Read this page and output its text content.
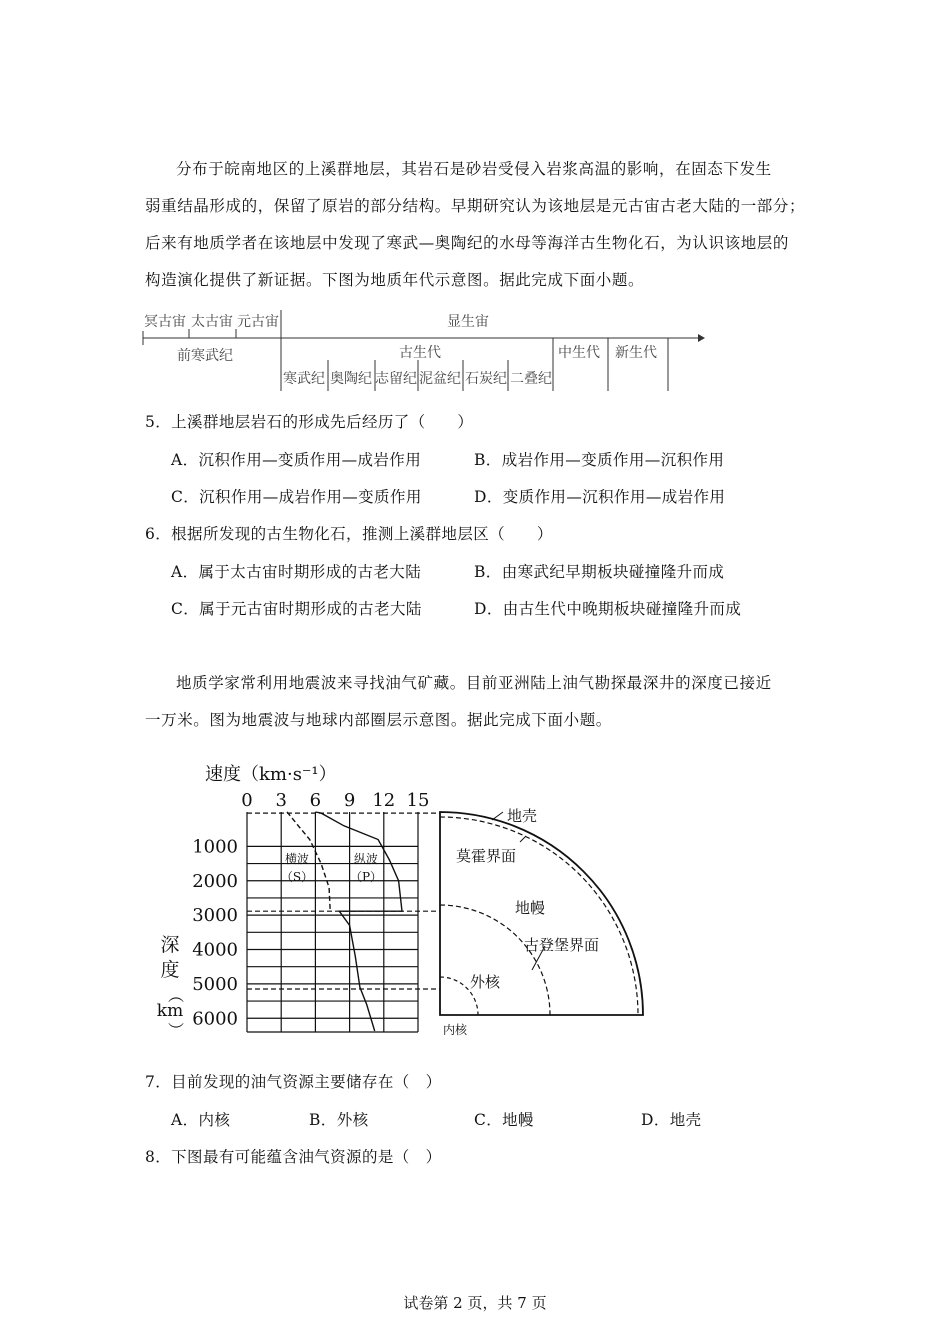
分布于皖南地区的上溪群地层，其岩石是砂岩受侵入岩浆高温的影响，在固态下发生
弱重结晶形成的，保留了原岩的部分结构。早期研究认为该地层是元古宙古老大陆的一部分；
后来有地质学者在该地层中发现了寒武—奥陶纪的水母等海洋古生物化石，为认识该地层的
构造演化提供了新证据。下图为地质年代示意图。据此完成下面小题。
冥古宙 太古宙 元古宙	显生宙
前寒武纪	古生代	中生代 新生代
寒武纪 奥陶纪 志留纪 泥盆纪 石炭纪 二叠纪
5．上溪群地层岩石的形成先后经历了（　　）
A．沉积作用—变质作用—成岩作用	B．成岩作用—变质作用—沉积作用
C．沉积作用—成岩作用—变质作用	D．变质作用—沉积作用—成岩作用
6．根据所发现的古生物化石，推测上溪群地层区（　　）
A．属于太古宙时期形成的古老大陆	B．由寒武纪早期板块碰撞隆升而成
C．属于元古宙时期形成的古老大陆	D．由古生代中晚期板块碰撞隆升而成
地质学家常利用地震波来寻找油气矿藏。目前亚洲陆上油气勘探最深井的深度已接近
一万米。图为地震波与地球内部圈层示意图。据此完成下面小题。
速度（km·s⁻¹）
0 3 6 9 12 15
1000
2000
3000
4000
5000
6000
横波
（S）
纵波
（P）
深
度
（
km
）
地壳
莫霍界面
地幔
古登堡界面
外核
内核
7．目前发现的油气资源主要储存在（　）
A．内核	B．外核	C．地幔	D．地壳
8．下图最有可能蕴含油气资源的是（　）
试卷第 2 页，共 7 页
